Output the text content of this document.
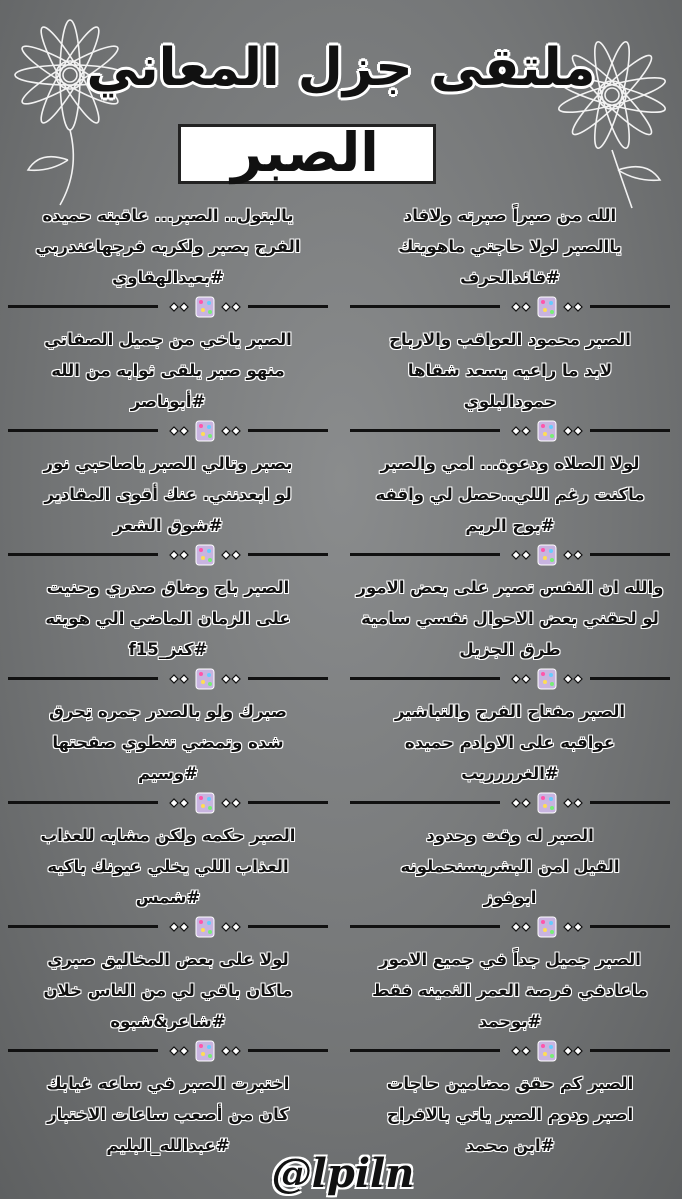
ملتقى جزل المعاني
الصبر
الله من صبراً صبرته ولافاد
ياالصبر لولا حاجتي ماهويتك
#قائدالحرف
الصبر محمود العواقب والارباح
لابد ما راعيه يسعد شقاها
حمودالبلوي
لولا الصلاه ودعوة... امي والصبر
ماكنت رغم اللي..حصل لي واقفه
#بوح الريم
والله ان النفس تصبر على بعض الامور
لو لحقني بعض الاحوال نفسي سامية
طرق الجزيل
الصبر مفتاح الفرج والتباشير
عواقبه على الاوادم حميده
#الغرررريب
الصبر له وقت وحدود
القيل امن البشريسنحملونه
ابوفوز
الصبر جميل جداً في جميع الامور
ماعادفي فرصة العمر الثمينه فقط
#بوحمد
الصبر كم حقق مضامين حاجات
اصبر ودوم الصبر ياتي بالافراج
#ابن محمد
يالبتول.. الصبر... عاقبته حميده
الفرج بصبر ولكربه فرجهاعندربي
#بعيدالهقاوي
الصبر ياخي من جميل الصفاتي
منهو صبر يلقى ثوابه من الله
#أبوناصر
بصبر وتالي الصبر ياصاحبي نور
لو ابعدنني. عنك أقوى المقادير
#شوق الشعر
الصبر باح وضاق صدري وحنيت
على الزمان الماضي الي هويته
#كنز_f15
صبرك ولو بالصدر جمره تِحرق
شده وتمضي تنطوي صفحتها
#وسيم
الصبر حكمه ولكن مشابه للعذاب
العذاب اللي يخلي عيونك باكيه
#شمس
لولا على بعض المخاليق صبري
ماكان باقي لي من الناس خلان
#شاعر&شبوه
اختبرت الصبر في ساعه غيابك
كان من أصعب ساعات الاختبار
#عبدالله_البليم
@lpiln
